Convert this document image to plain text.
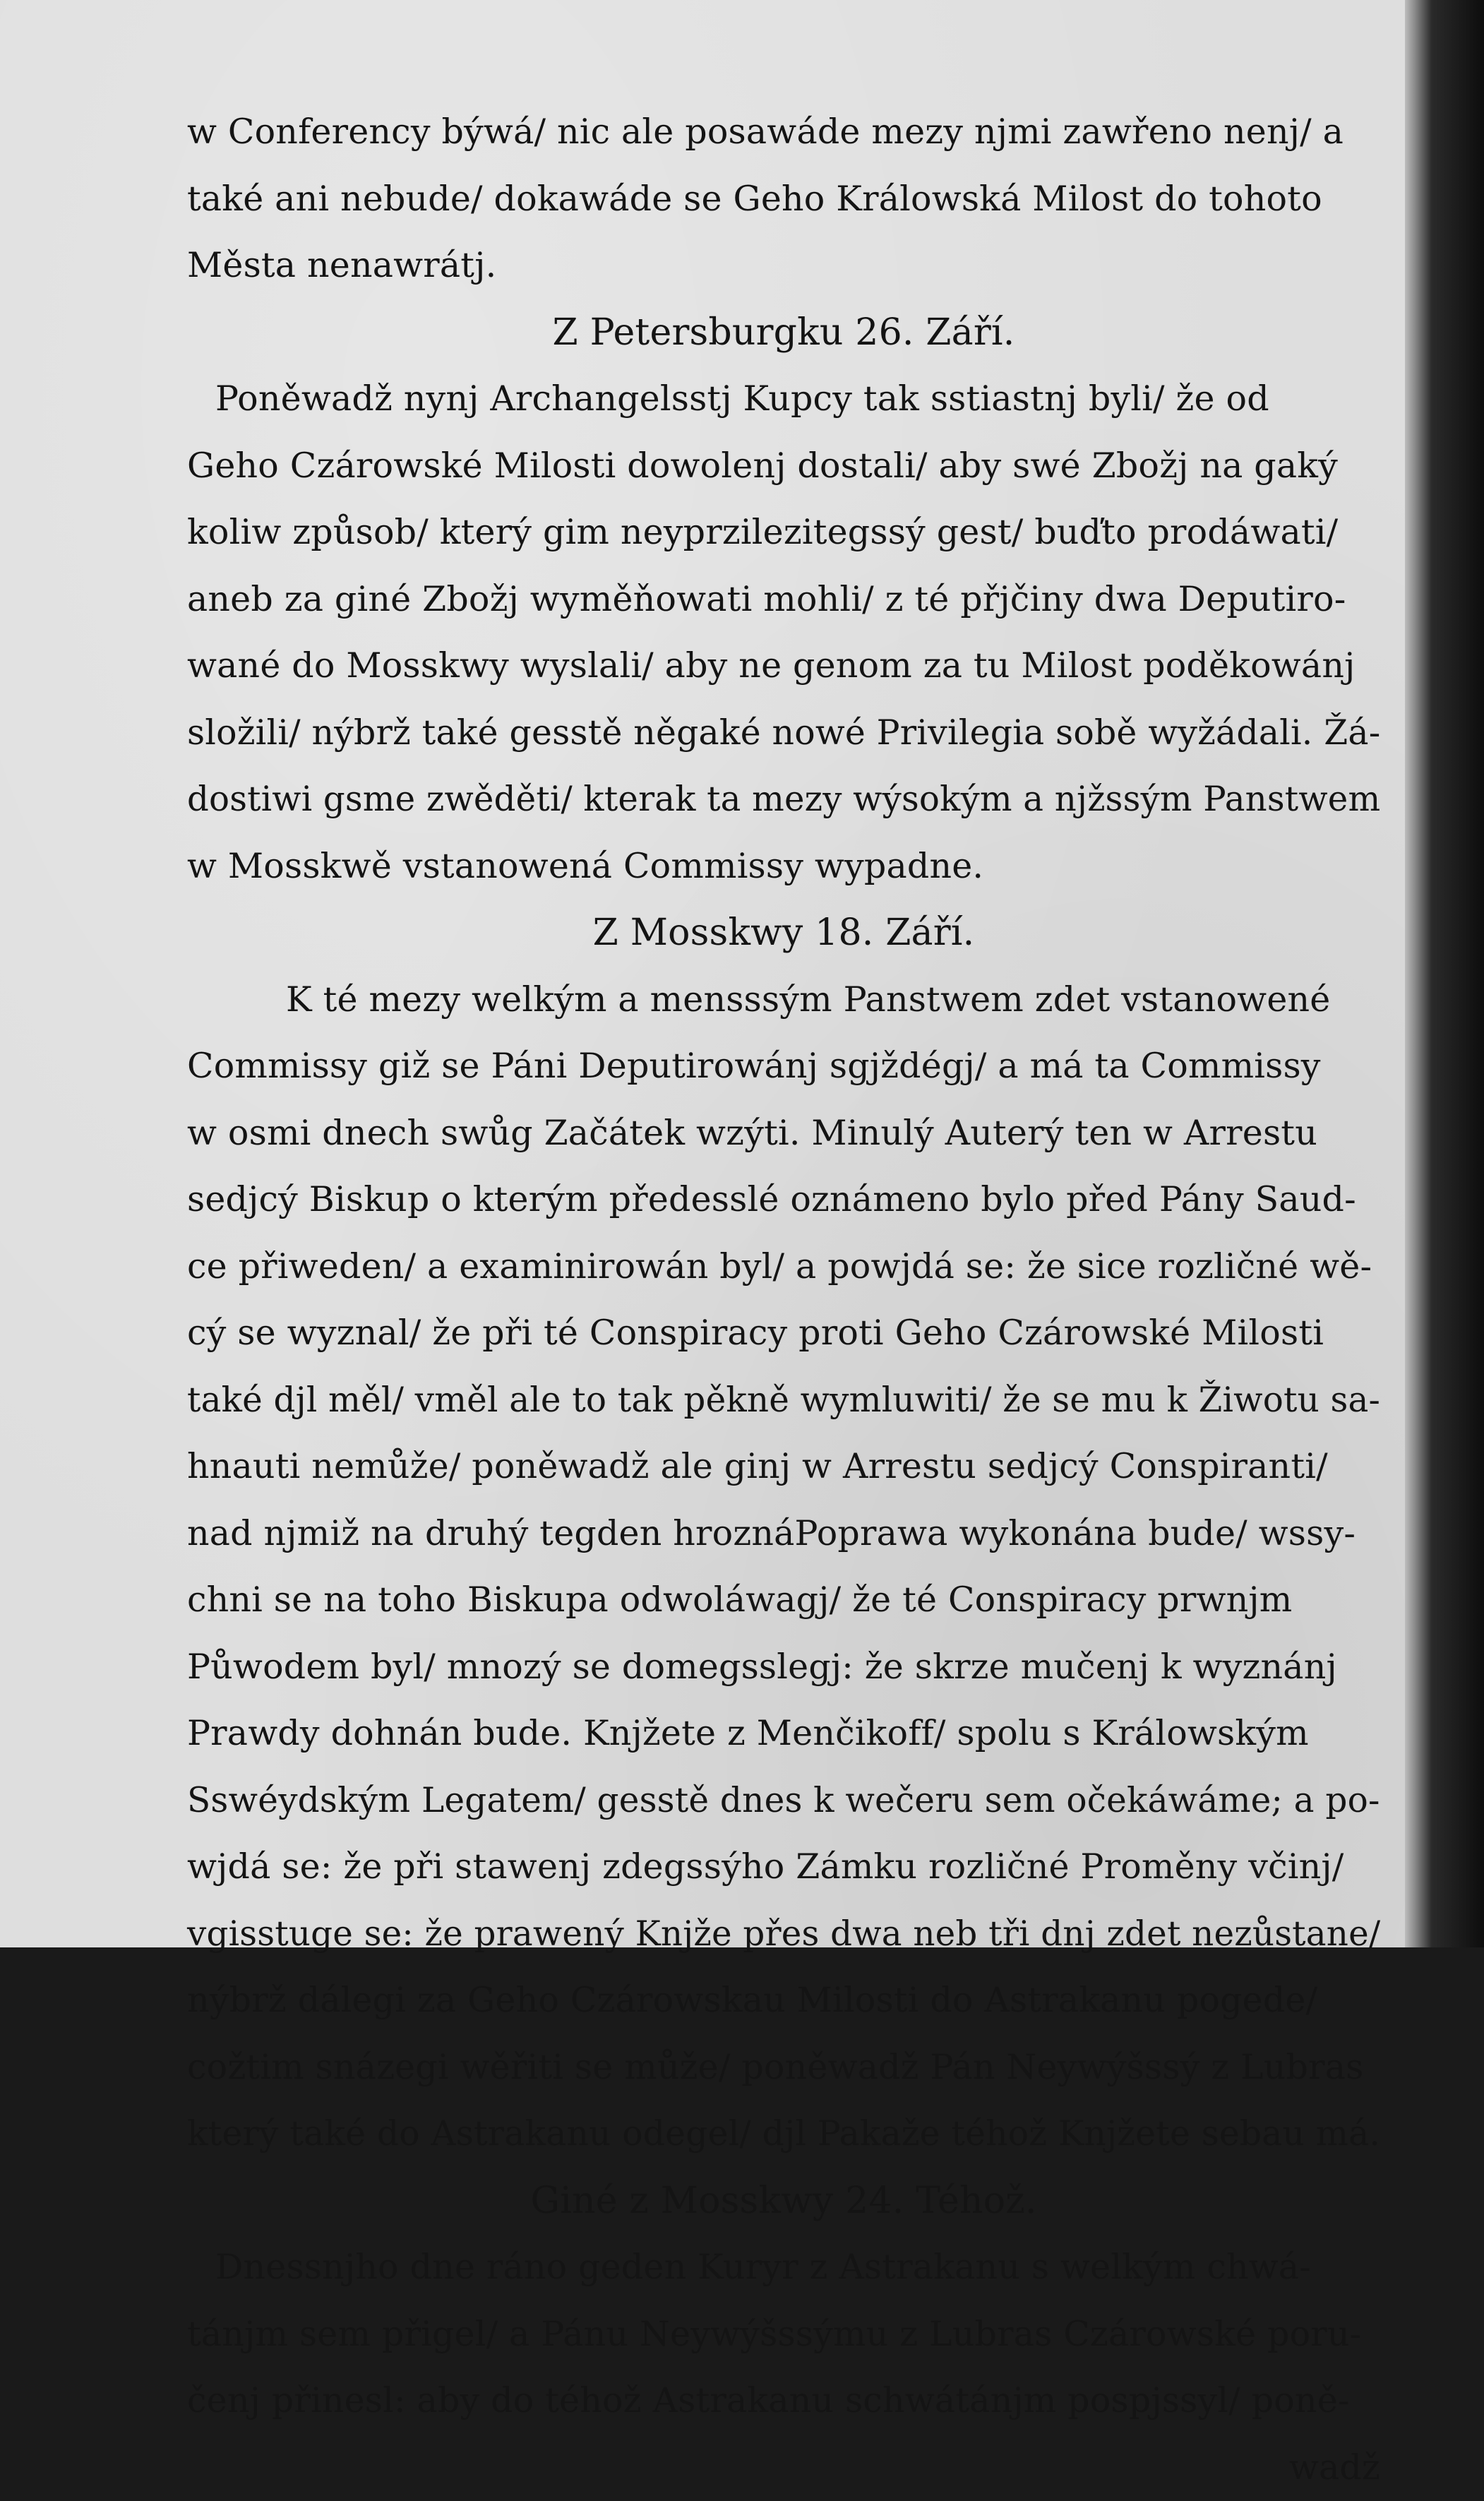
w Conferency býwá/ nic ale posawáde mezy njmi zawřeno nenj/ a
také ani nebude/ dokawáde se Geho Králowská Milost do tohoto
Města nenawrátj.
Z Petersburgku 26. Září.
Poněwadž nynj Archangelsstj Kupcy tak sstiastnj byli/ že od
Geho Czárowské Milosti dowolenj dostali/ aby swé Zbožj na gaký
koliw způsob/ který gim neyprzilezitegssý gest/ buďto prodáwati/
aneb za giné Zbožj wyměňowati mohli/ z té přjčiny dwa Deputiro-
wané do Mosskwy wyslali/ aby ne genom za tu Milost poděkowánj
složili/ nýbrž také gesstě něgaké nowé Privilegia sobě wyžádali. Žá-
dostiwi gsme zwěděti/ kterak ta mezy wýsokým a njžssým Panstwem
w Mosskwě vstanowená Commissy wypadne.
Z Mosskwy 18. Září.
K té mezy welkým a mensssým Panstwem zdet vstanowené
Commissy giž se Páni Deputirowánj sgjždégj/ a má ta Commissy
w osmi dnech swůg Začátek wzýti. Minulý Auterý ten w Arrestu
sedjcý Biskup o kterým předesslé oznámeno bylo před Pány Saud-
ce přiweden/ a examinirowán byl/ a powjdá se: že sice rozličné wě-
cý se wyznal/ že při té Conspiracy proti Geho Czárowské Milosti
také djl měl/ vměl ale to tak pěkně wymluwiti/ že se mu k Žiwotu sa-
hnauti nemůže/ poněwadž ale ginj w Arrestu sedjcý Conspiranti/
nad njmiž na druhý tegden hroznáPoprawa wykonána bude/ wssy-
chni se na toho Biskupa odwoláwagj/ že té Conspiracy prwnjm
Půwodem byl/ mnozý se domegsslegj: že skrze mučenj k wyznánj
Prawdy dohnán bude. Knjžete z Menčikoff/ spolu s Králowským
Sswéydským Legatem/ gesstě dnes k wečeru sem očekáwáme; a po-
wjdá se: že při stawenj zdegssýho Zámku rozličné Proměny včinj/
vgisstuge se: že prawený Knjže přes dwa neb tři dnj zdet nezůstane/
nýbrž dálegi za Geho Czárowskau Milosti do Astrakanu pogede/
cožtim snázegi wěřiti se může/ poněwadž Pán Neywýšssý z Lubras
který také do Astrakanu odegel/ djl Pakaže téhož Knjžete sebau má.
Giné z Mosskwy 24. Téhož.
Dnessnjho dne ráno geden Kuryr z Astrakanu s welkým chwá-
tánjm sem přigel/ a Pánu Neywýšssýmu z Lubras Czárowské poru-
čenj přinesl: aby do téhož Astrakanu schwátánjm pospjssyl/ poně-
wadž
